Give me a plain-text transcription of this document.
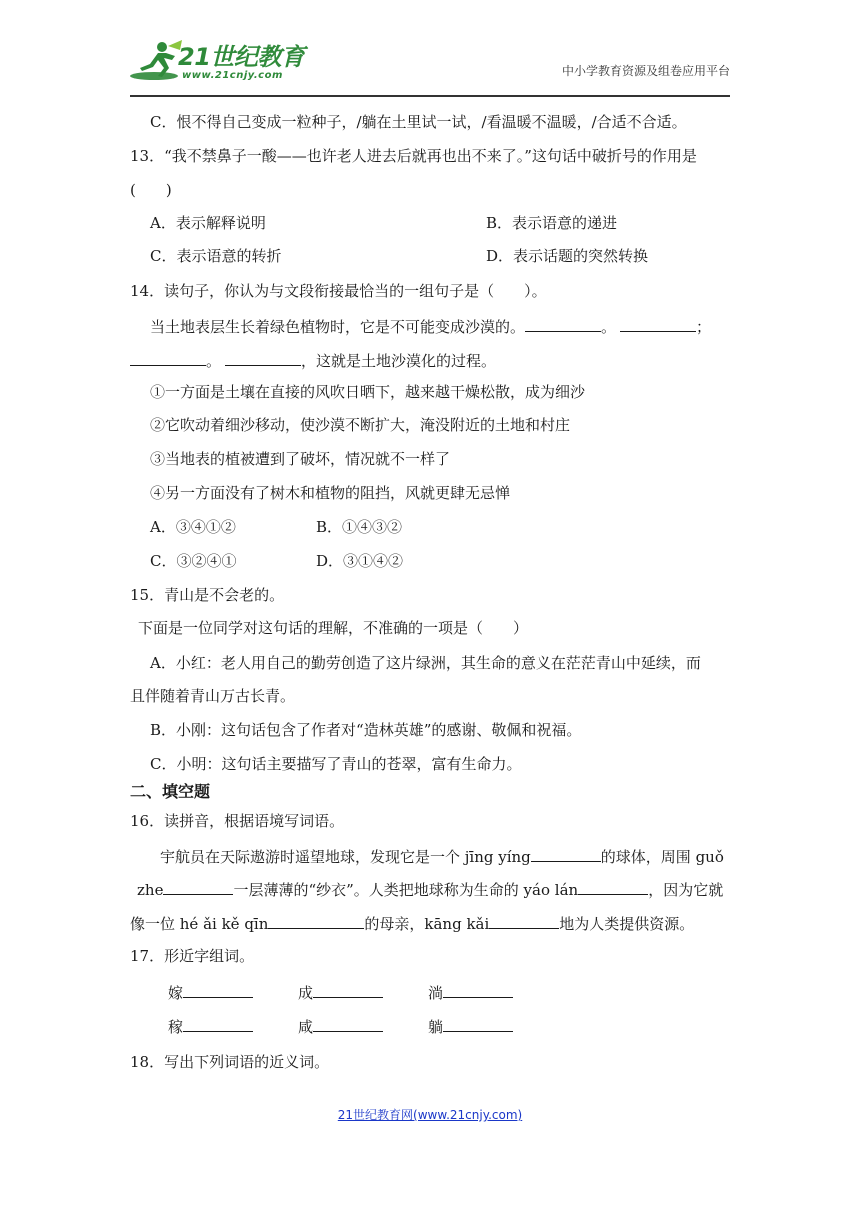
21世纪教育
www.21cnjy.com	中小学教育资源及组卷应用平台
C．恨不得自己变成一粒种子，/躺在土里试一试，/看温暖不温暖，/合适不合适。
13．“我不禁鼻子一酸——也许老人进去后就再也出不来了。”这句话中破折号的作用是
(　　)
A．表示解释说明	B．表示语意的递进
C．表示语意的转折	D．表示话题的突然转换
14．读句子，你认为与文段衔接最恰当的一组句子是（　　）。
当土地表层生长着绿色植物时，它是不可能变成沙漠的。	。	；
。	，这就是土地沙漠化的过程。
①一方面是土壤在直接的风吹日晒下，越来越干燥松散，成为细沙
②它吹动着细沙移动，使沙漠不断扩大，淹没附近的土地和村庄
③当地表的植被遭到了破坏，情况就不一样了
④另一方面没有了树木和植物的阻挡，风就更肆无忌惮
A．③④①②	B．①④③②
C．③②④①	D．③①④②
15．青山是不会老的。
下面是一位同学对这句话的理解，不准确的一项是（　　）
A．小红：老人用自己的勤劳创造了这片绿洲，其生命的意义在茫茫青山中延续，而
且伴随着青山万古长青。
B．小刚：这句话包含了作者对“造林英雄”的感谢、敬佩和祝福。
C．小明：这句话主要描写了青山的苍翠，富有生命力。
二、填空题
16．读拼音，根据语境写词语。
宇航员在天际遨游时遥望地球，发现它是一个 jīng yíng	的球体，周围 guǒ
zhe	一层薄薄的“纱衣”。人类把地球称为生命的 yáo lán	，因为它就
像一位 hé ǎi kě qīn	的母亲，kāng kǎi	地为人类提供资源。
17．形近字组词。
嫁	成	淌
稼	咸	躺
18．写出下列词语的近义词。
21世纪教育网(www.21cnjy.com)
